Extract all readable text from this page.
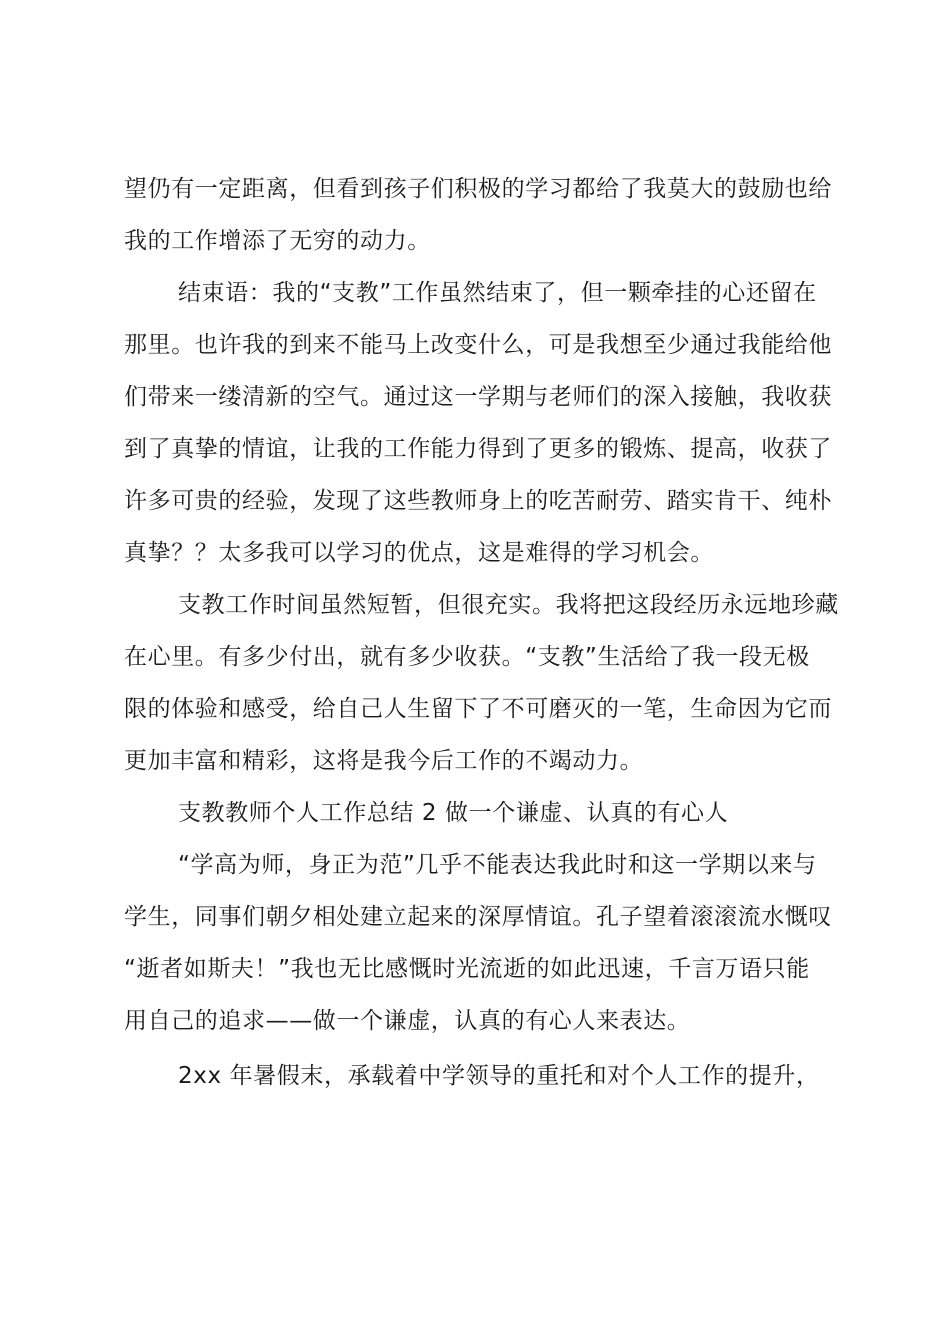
望仍有一定距离，但看到孩子们积极的学习都给了我莫大的鼓励也给
我的工作增添了无穷的动力。
结束语：我的“支教”工作虽然结束了，但一颗牵挂的心还留在
那里。也许我的到来不能马上改变什么，可是我想至少通过我能给他
们带来一缕清新的空气。通过这一学期与老师们的深入接触，我收获
到了真挚的情谊，让我的工作能力得到了更多的锻炼、提高，收获了
许多可贵的经验，发现了这些教师身上的吃苦耐劳、踏实肯干、纯朴
真挚？？太多我可以学习的优点，这是难得的学习机会。
支教工作时间虽然短暂，但很充实。我将把这段经历永远地珍藏
在心里。有多少付出，就有多少收获。“支教”生活给了我一段无极
限的体验和感受，给自己人生留下了不可磨灭的一笔，生命因为它而
更加丰富和精彩，这将是我今后工作的不竭动力。
支教教师个人工作总结 2 做一个谦虚、认真的有心人
“学高为师，身正为范”几乎不能表达我此时和这一学期以来与
学生，同事们朝夕相处建立起来的深厚情谊。孔子望着滚滚流水慨叹
“逝者如斯夫！”我也无比感慨时光流逝的如此迅速，千言万语只能
用自己的追求——做一个谦虚，认真的有心人来表达。
2xx 年暑假末，承载着中学领导的重托和对个人工作的提升，
